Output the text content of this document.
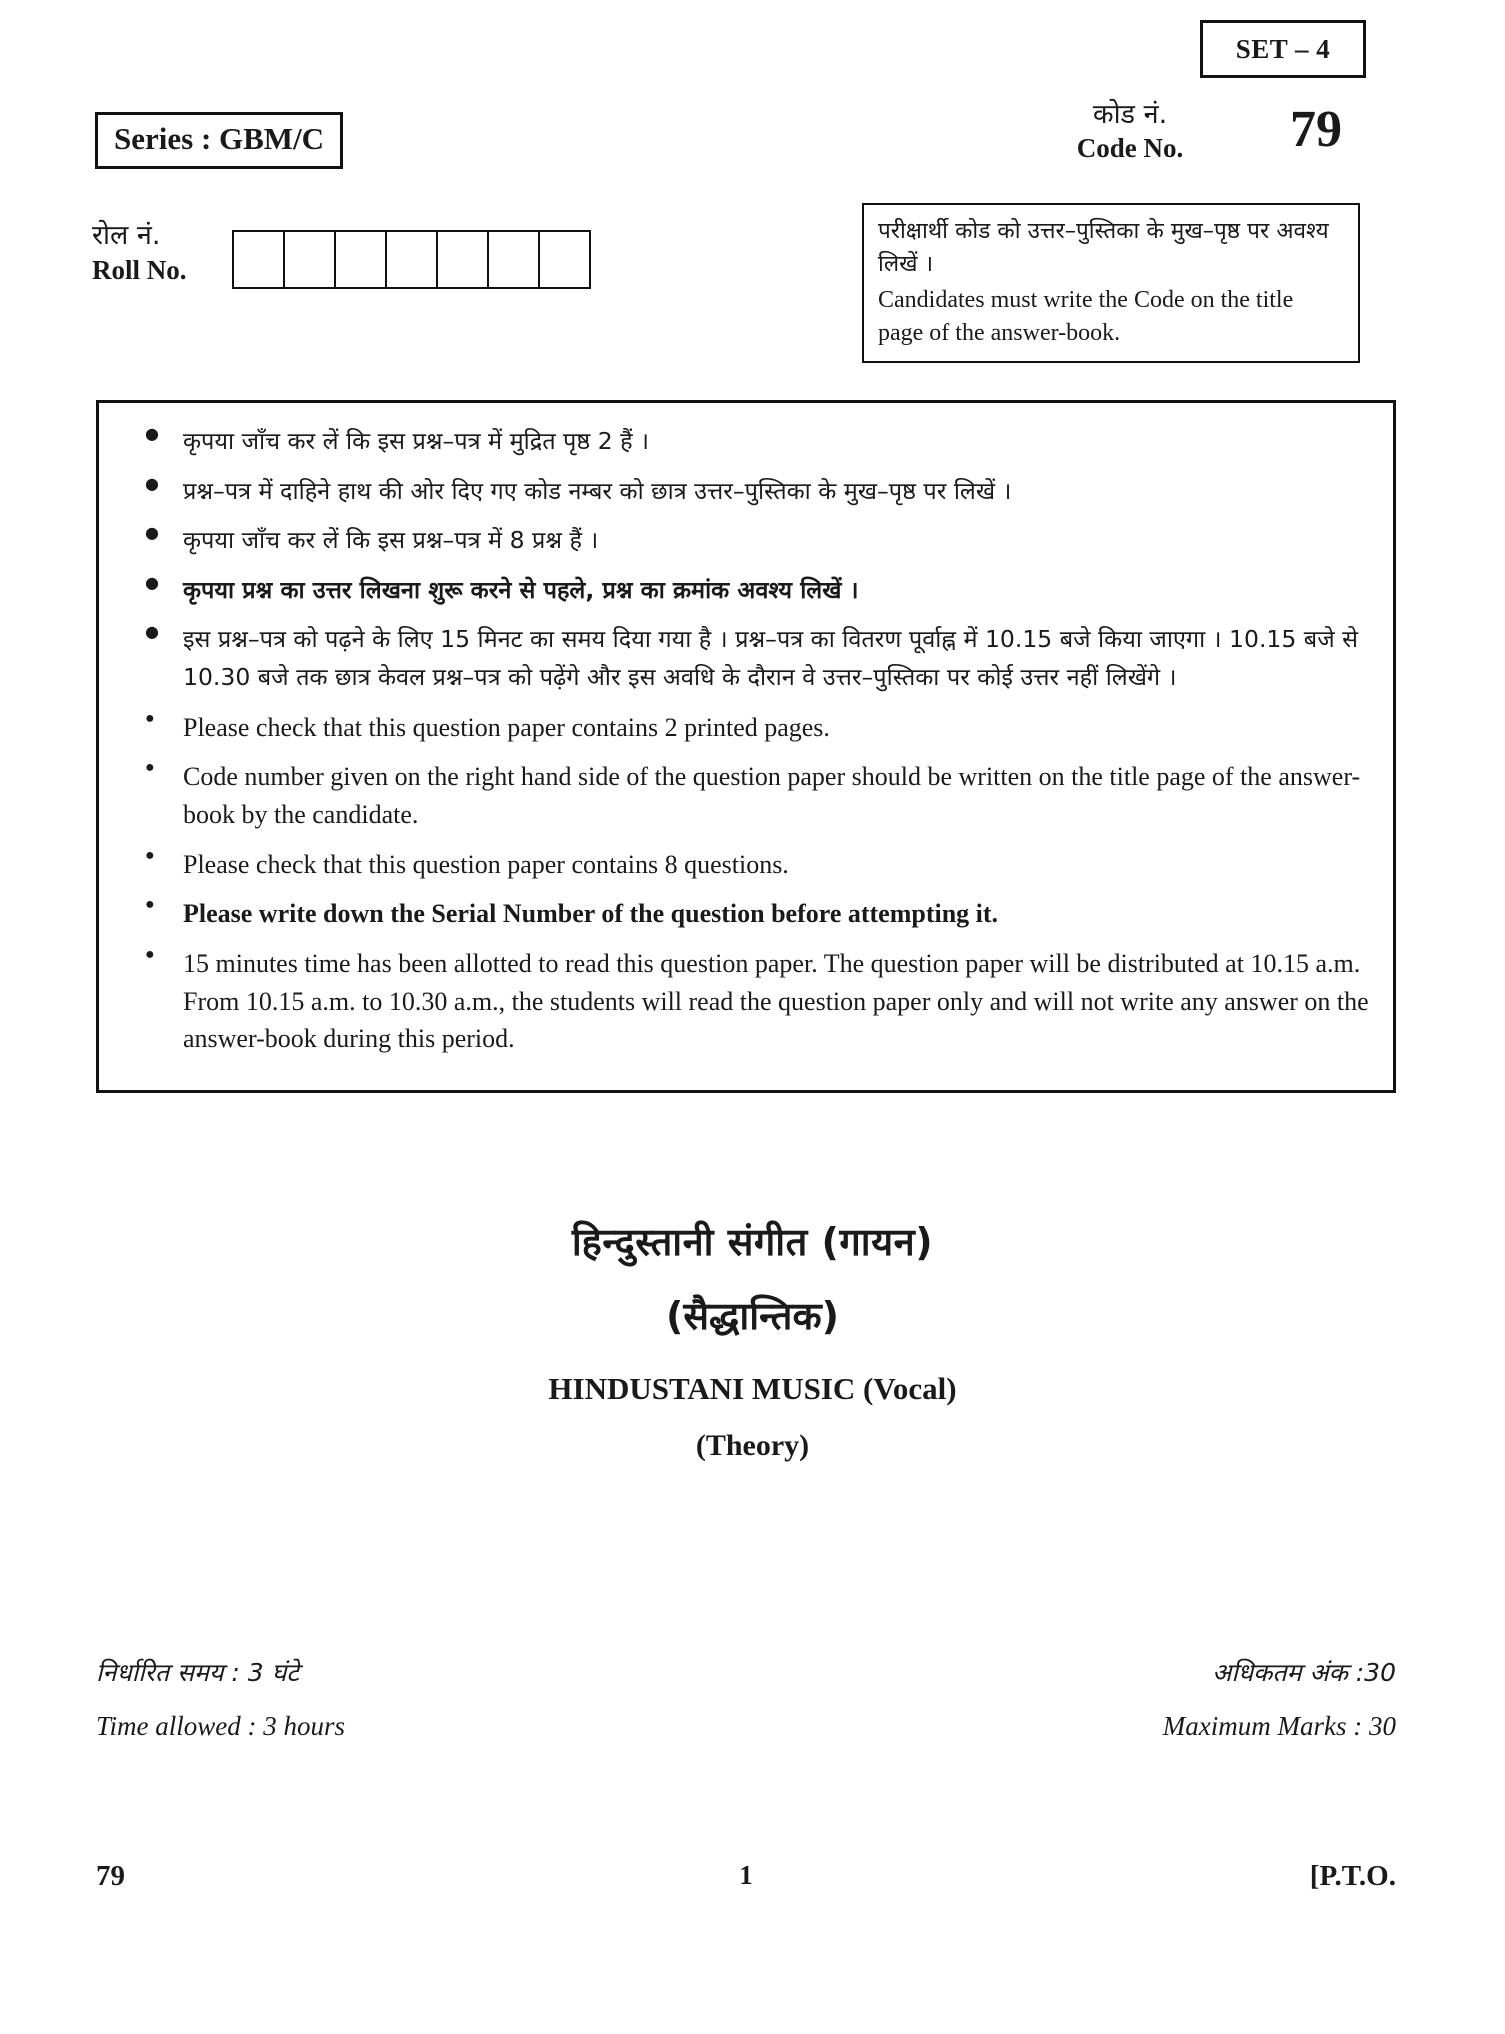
SET – 4
Series : GBM/C
कोड नं.
Code No.	79
रोल नं.
Roll No.
परीक्षार्थी कोड को उत्तर–पुस्तिका के मुख–पृष्ठ पर अवश्य लिखें ।
Candidates must write the Code on the title page of the answer-book.
● कृपया जाँच कर लें कि इस प्रश्न–पत्र में मुद्रित पृष्ठ 2 हैं ।
● प्रश्न–पत्र में दाहिने हाथ की ओर दिए गए कोड नम्बर को छात्र उत्तर–पुस्तिका के मुख–पृष्ठ पर लिखें ।
● कृपया जाँच कर लें कि इस प्रश्न–पत्र में 8 प्रश्न हैं ।
● कृपया प्रश्न का उत्तर लिखना शुरू करने से पहले, प्रश्न का क्रमांक अवश्य लिखें ।
● इस प्रश्न–पत्र को पढ़ने के लिए 15 मिनट का समय दिया गया है । प्रश्न–पत्र का वितरण पूर्वाह्न में 10.15 बजे किया जाएगा । 10.15 बजे से 10.30 बजे तक छात्र केवल प्रश्न–पत्र को पढ़ेंगे और इस अवधि के दौरान वे उत्तर–पुस्तिका पर कोई उत्तर नहीं लिखेंगे ।
● Please check that this question paper contains 2 printed pages.
● Code number given on the right hand side of the question paper should be written on the title page of the answer-book by the candidate.
● Please check that this question paper contains 8 questions.
● Please write down the Serial Number of the question before attempting it.
● 15 minutes time has been allotted to read this question paper. The question paper will be distributed at 10.15 a.m. From 10.15 a.m. to 10.30 a.m., the students will read the question paper only and will not write any answer on the answer-book during this period.
हिन्दुस्तानी संगीत (गायन)
(सैद्धान्तिक)
HINDUSTANI MUSIC (Vocal)
(Theory)
निर्धारित समय : 3 घंटे	अधिकतम अंक :30
Time allowed : 3 hours	Maximum Marks : 30
79	1	[P.T.O.
